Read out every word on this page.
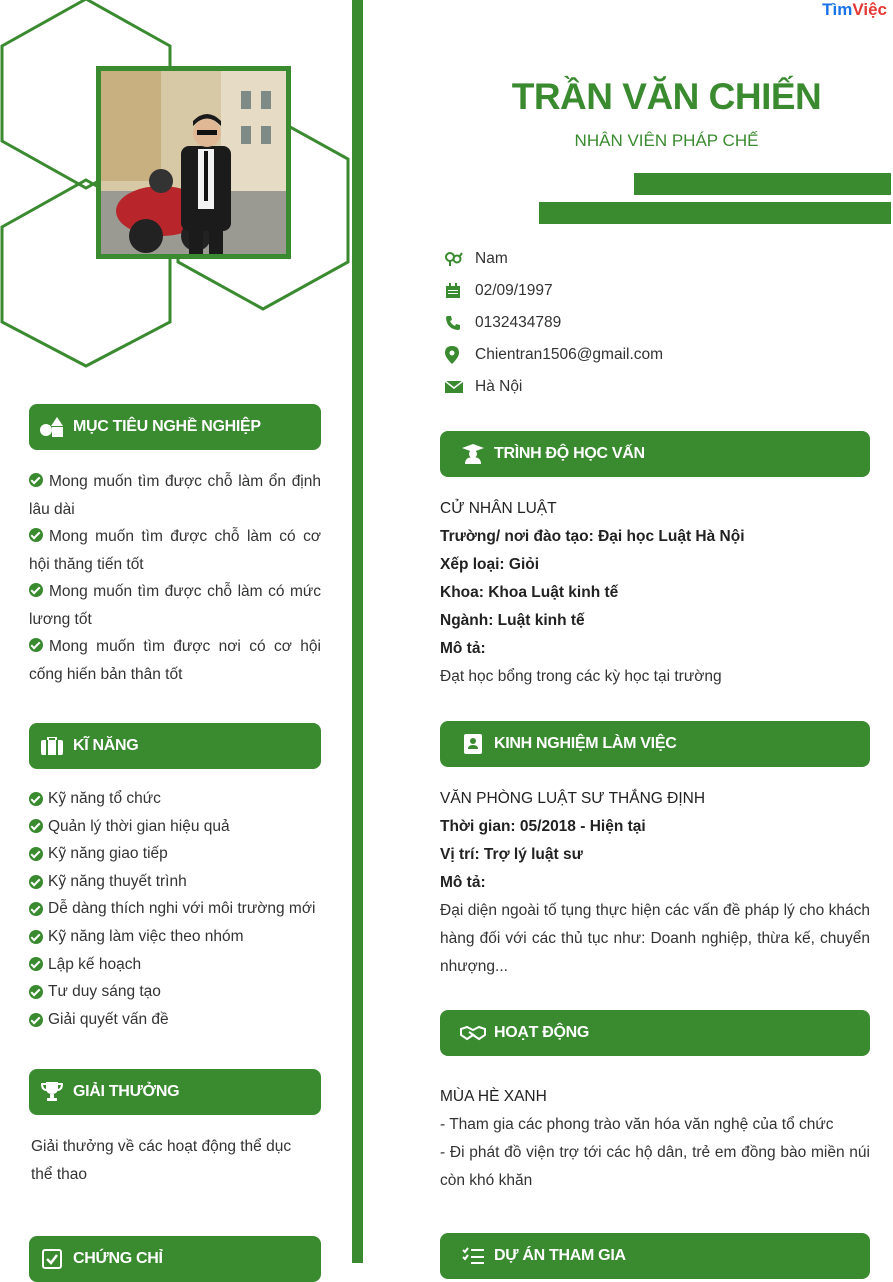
MỤC TIÊU NGHỀ NGHIỆP

Mong muốn tìm được chỗ làm ổn định lâu dài

Mong muốn tìm được chỗ làm có cơ hội thăng tiến tốt

Mong muốn tìm được chỗ làm có mức lương tốt

Mong muốn tìm được nơi có cơ hội cống hiến bản thân tốt

KĨ NĂNG
Kỹ năng tổ chức
Quản lý thời gian hiệu quả
Kỹ năng giao tiếp
Kỹ năng thuyết trình
Dễ dàng thích nghi với môi trường mới
Kỹ năng làm việc theo nhóm
Lập kế hoạch
Tư duy sáng tạo
Giải quyết vấn đề
GIẢI THƯỞNG
Giải thưởng về các hoạt động thể dục thể thao
CHỨNG CHỈ
TìmViệc
TRẦN VĂN CHIẾN
NHÂN VIÊN PHÁP CHẾ
Nam
02/09/1997
0132434789
Chientran1506@gmail.com
Hà Nội
TRÌNH ĐỘ HỌC VẤN
CỬ NHÂN LUẬT
Trường/ nơi đào tạo: Đại học Luật Hà Nội
Xếp loại: Giỏi
Khoa: Khoa Luật kinh tế
Ngành: Luật kinh tế
Mô tả:
Đạt học bổng trong các kỳ học tại trường
KINH NGHIỆM LÀM VIỆC
VĂN PHÒNG LUẬT SƯ THẮNG ĐỊNH
Thời gian: 05/2018 - Hiện tại
Vị trí: Trợ lý luật sư
Mô tả:
Đại diện ngoài tố tụng thực hiện các vấn đề pháp lý cho khách hàng đối với các thủ tục như: Doanh nghiệp, thừa kế, chuyển nhượng...
HOẠT ĐỘNG
MÙA HÈ XANH
- Tham gia các phong trào văn hóa văn nghệ của tổ chức
- Đi phát đồ viện trợ tới các hộ dân, trẻ em đồng bào miền núi còn khó khăn
DỰ ÁN THAM GIA
